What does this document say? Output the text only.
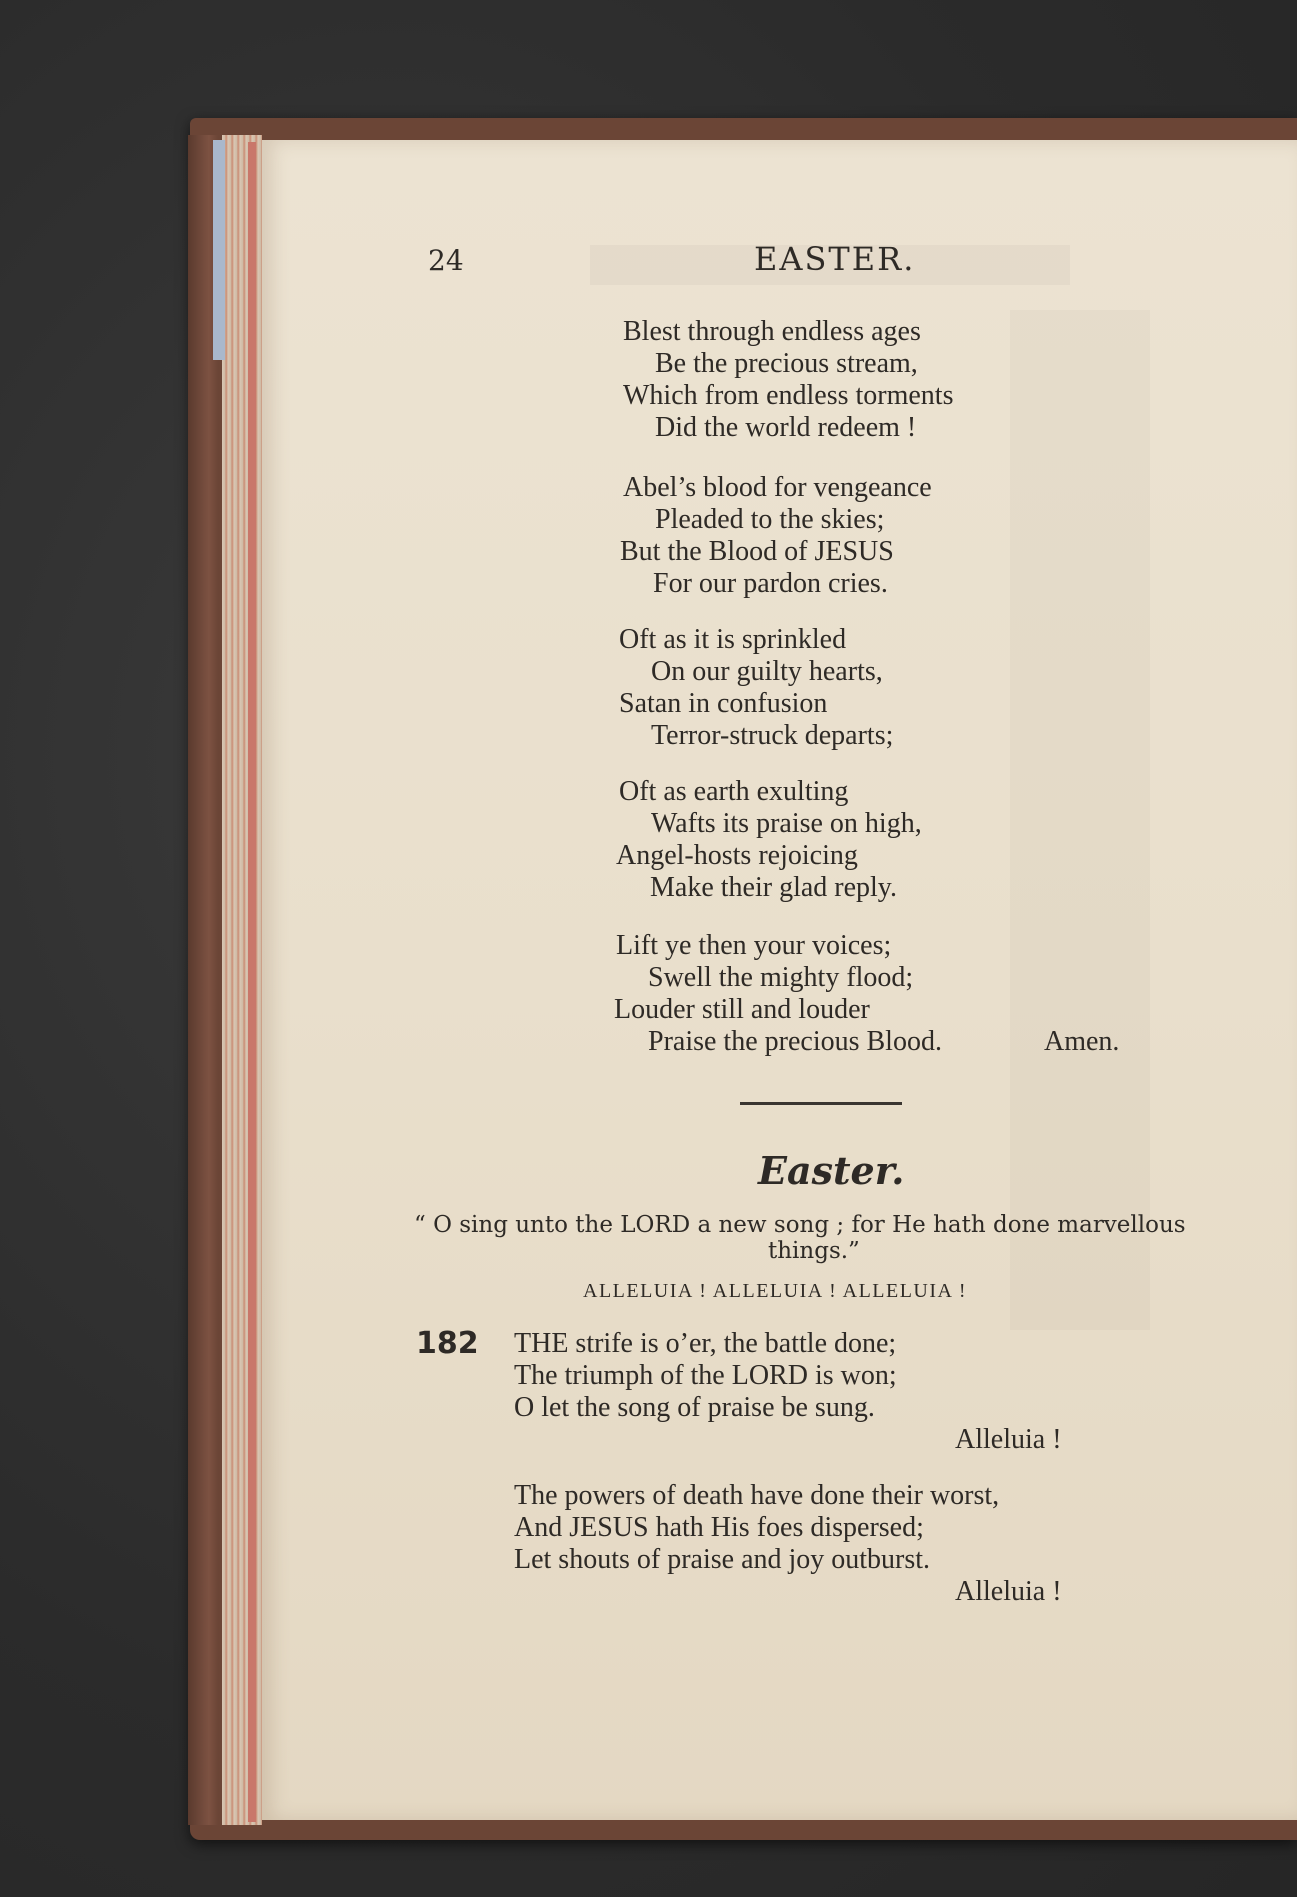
24	EASTER.
Blest through endless ages
Be the precious stream,
Which from endless torments
Did the world redeem !
Abel’s blood for vengeance
Pleaded to the skies;
But the Blood of JESUS
For our pardon cries.
Oft as it is sprinkled
On our guilty hearts,
Satan in confusion
Terror-struck departs;
Oft as earth exulting
Wafts its praise on high,
Angel-hosts rejoicing
Make their glad reply.
Lift ye then your voices;
Swell the mighty flood;
Louder still and louder
Praise the precious Blood.	Amen.
Easter.
“ O sing unto the LORD a new song ; for He hath done marvellous
things.”
ALLELUIA ! ALLELUIA ! ALLELUIA !
182 THE strife is o’er, the battle done;
The triumph of the LORD is won;
O let the song of praise be sung.
Alleluia !
The powers of death have done their worst,
And JESUS hath His foes dispersed;
Let shouts of praise and joy outburst.
Alleluia !
